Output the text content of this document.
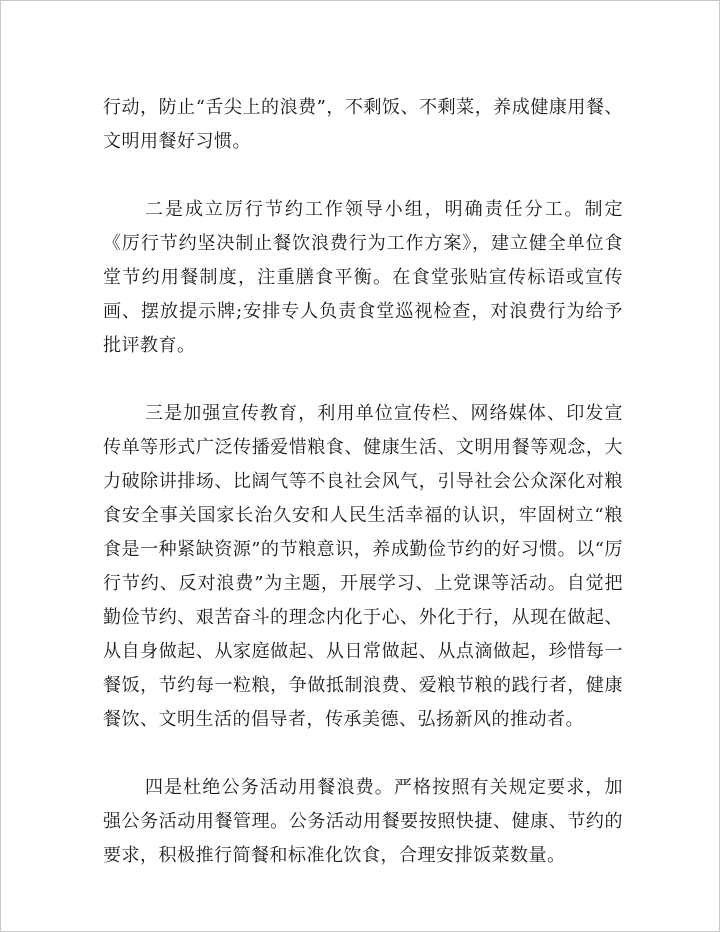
行动，防止“舌尖上的浪费”，不剩饭、不剩菜，养成健康用餐、文明用餐好习惯。

二是成立厉行节约工作领导小组，明确责任分工。制定《厉行节约坚决制止餐饮浪费行为工作方案》，建立健全单位食堂节约用餐制度，注重膳食平衡。在食堂张贴宣传标语或宣传画、摆放提示牌;安排专人负责食堂巡视检查，对浪费行为给予批评教育。

三是加强宣传教育，利用单位宣传栏、网络媒体、印发宣传单等形式广泛传播爱惜粮食、健康生活、文明用餐等观念，大力破除讲排场、比阔气等不良社会风气，引导社会公众深化对粮食安全事关国家长治久安和人民生活幸福的认识，牢固树立“粮食是一种紧缺资源”的节粮意识，养成勤俭节约的好习惯。以“厉行节约、反对浪费”为主题，开展学习、上党课等活动。自觉把勤俭节约、艰苦奋斗的理念内化于心、外化于行，从现在做起、从自身做起、从家庭做起、从日常做起、从点滴做起，珍惜每一餐饭，节约每一粒粮，争做抵制浪费、爱粮节粮的践行者，健康餐饮、文明生活的倡导者，传承美德、弘扬新风的推动者。

四是杜绝公务活动用餐浪费。严格按照有关规定要求，加强公务活动用餐管理。公务活动用餐要按照快捷、健康、节约的要求，积极推行简餐和标准化饮食，合理安排饭菜数量。
